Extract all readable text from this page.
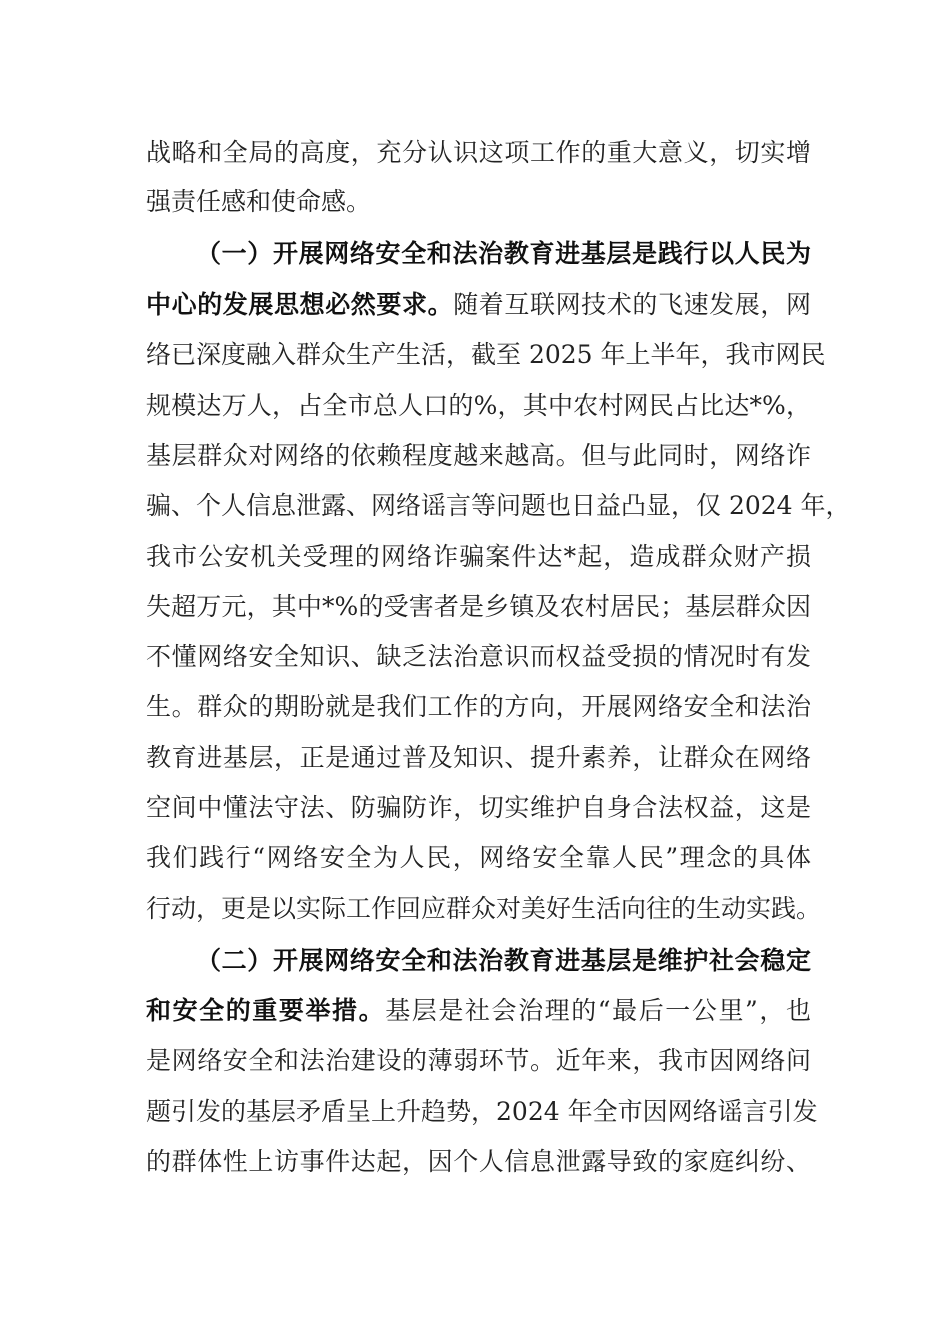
战略和全局的高度，充分认识这项工作的重大意义，切实增
强责任感和使命感。
（一）开展网络安全和法治教育进基层是践行以人民为
中心的发展思想必然要求。随着互联网技术的飞速发展，网
络已深度融入群众生产生活，截至 2025 年上半年，我市网民
规模达万人，占全市总人口的%，其中农村网民占比达*%，
基层群众对网络的依赖程度越来越高。但与此同时，网络诈
骗、个人信息泄露、网络谣言等问题也日益凸显，仅 2024 年，
我市公安机关受理的网络诈骗案件达*起，造成群众财产损
失超万元，其中*%的受害者是乡镇及农村居民；基层群众因
不懂网络安全知识、缺乏法治意识而权益受损的情况时有发
生。群众的期盼就是我们工作的方向，开展网络安全和法治
教育进基层，正是通过普及知识、提升素养，让群众在网络
空间中懂法守法、防骗防诈，切实维护自身合法权益，这是
我们践行“网络安全为人民，网络安全靠人民”理念的具体
行动，更是以实际工作回应群众对美好生活向往的生动实践。
（二）开展网络安全和法治教育进基层是维护社会稳定
和安全的重要举措。基层是社会治理的“最后一公里”，也
是网络安全和法治建设的薄弱环节。近年来，我市因网络问
题引发的基层矛盾呈上升趋势，2024 年全市因网络谣言引发
的群体性上访事件达起，因个人信息泄露导致的家庭纠纷、
